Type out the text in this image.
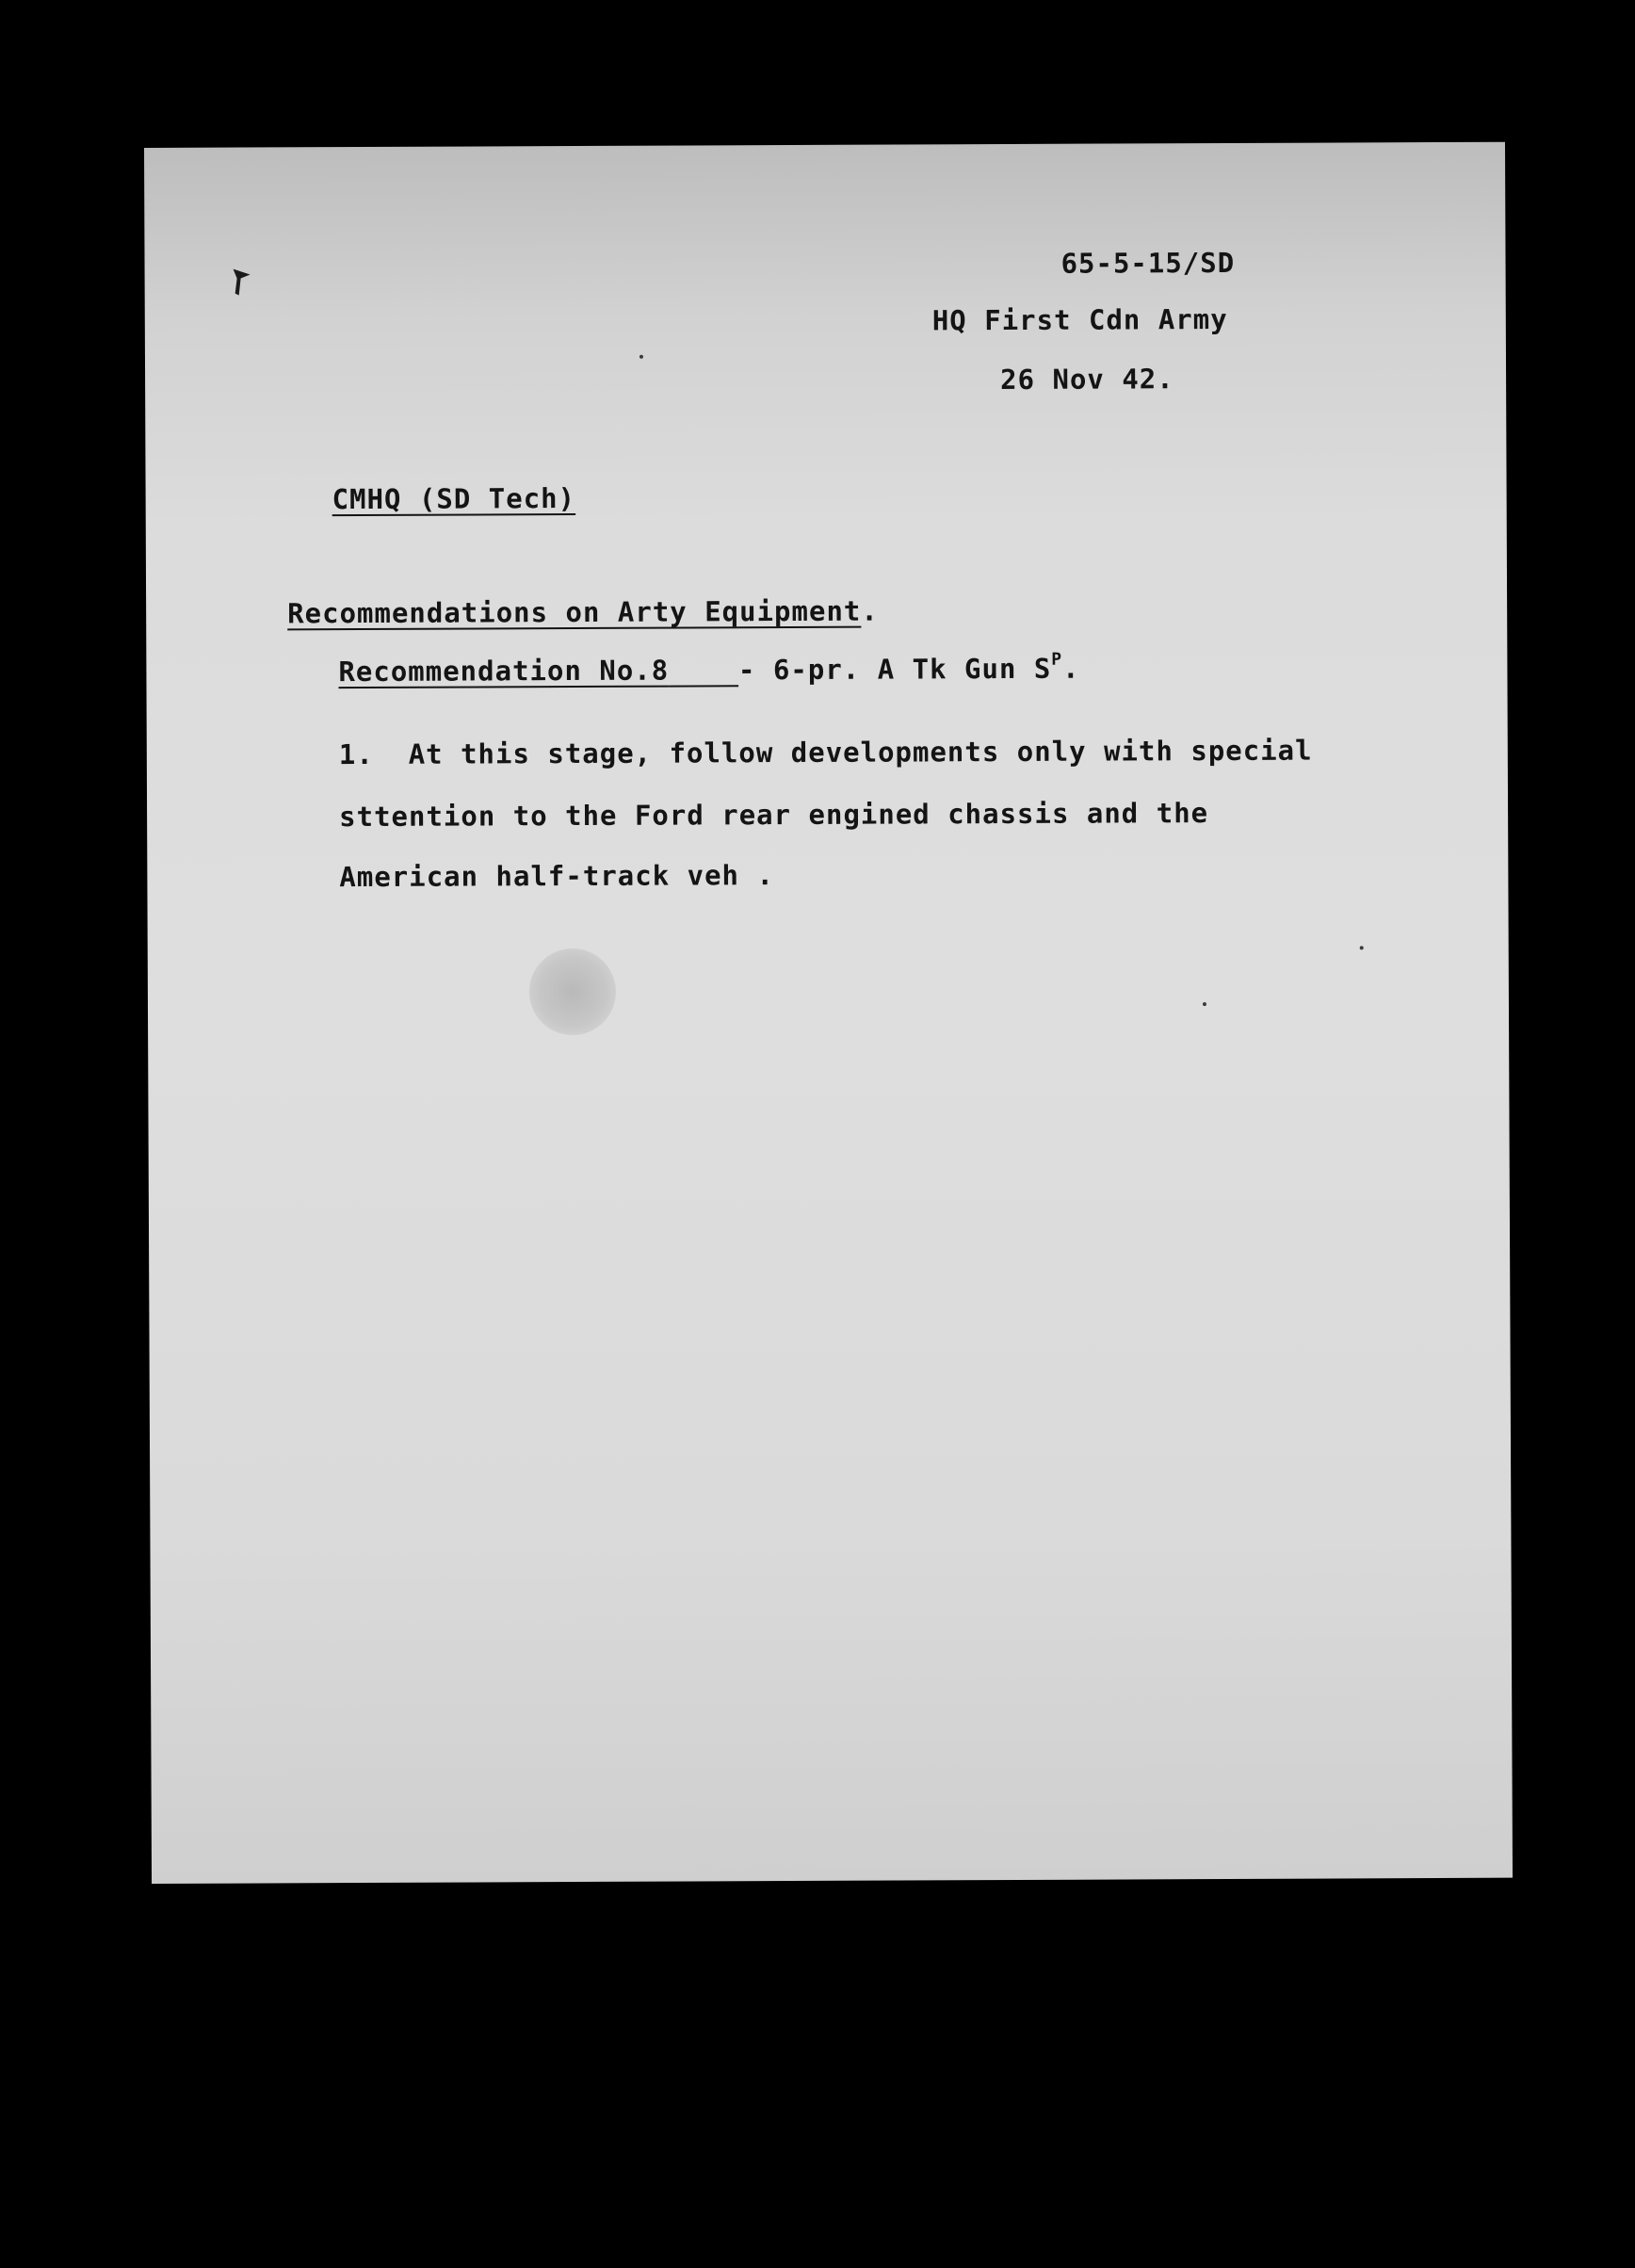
65-5-15/SD
HQ First Cdn Army
26 Nov 42.
CMHQ (SD Tech)
Recommendations on Arty Equipment.
Recommendation No.8	- 6-pr. A Tk Gun $S^P$.
1. At this stage, follow developments only with special
sttention to the Ford rear engined chassis and the
American half-track veh .
